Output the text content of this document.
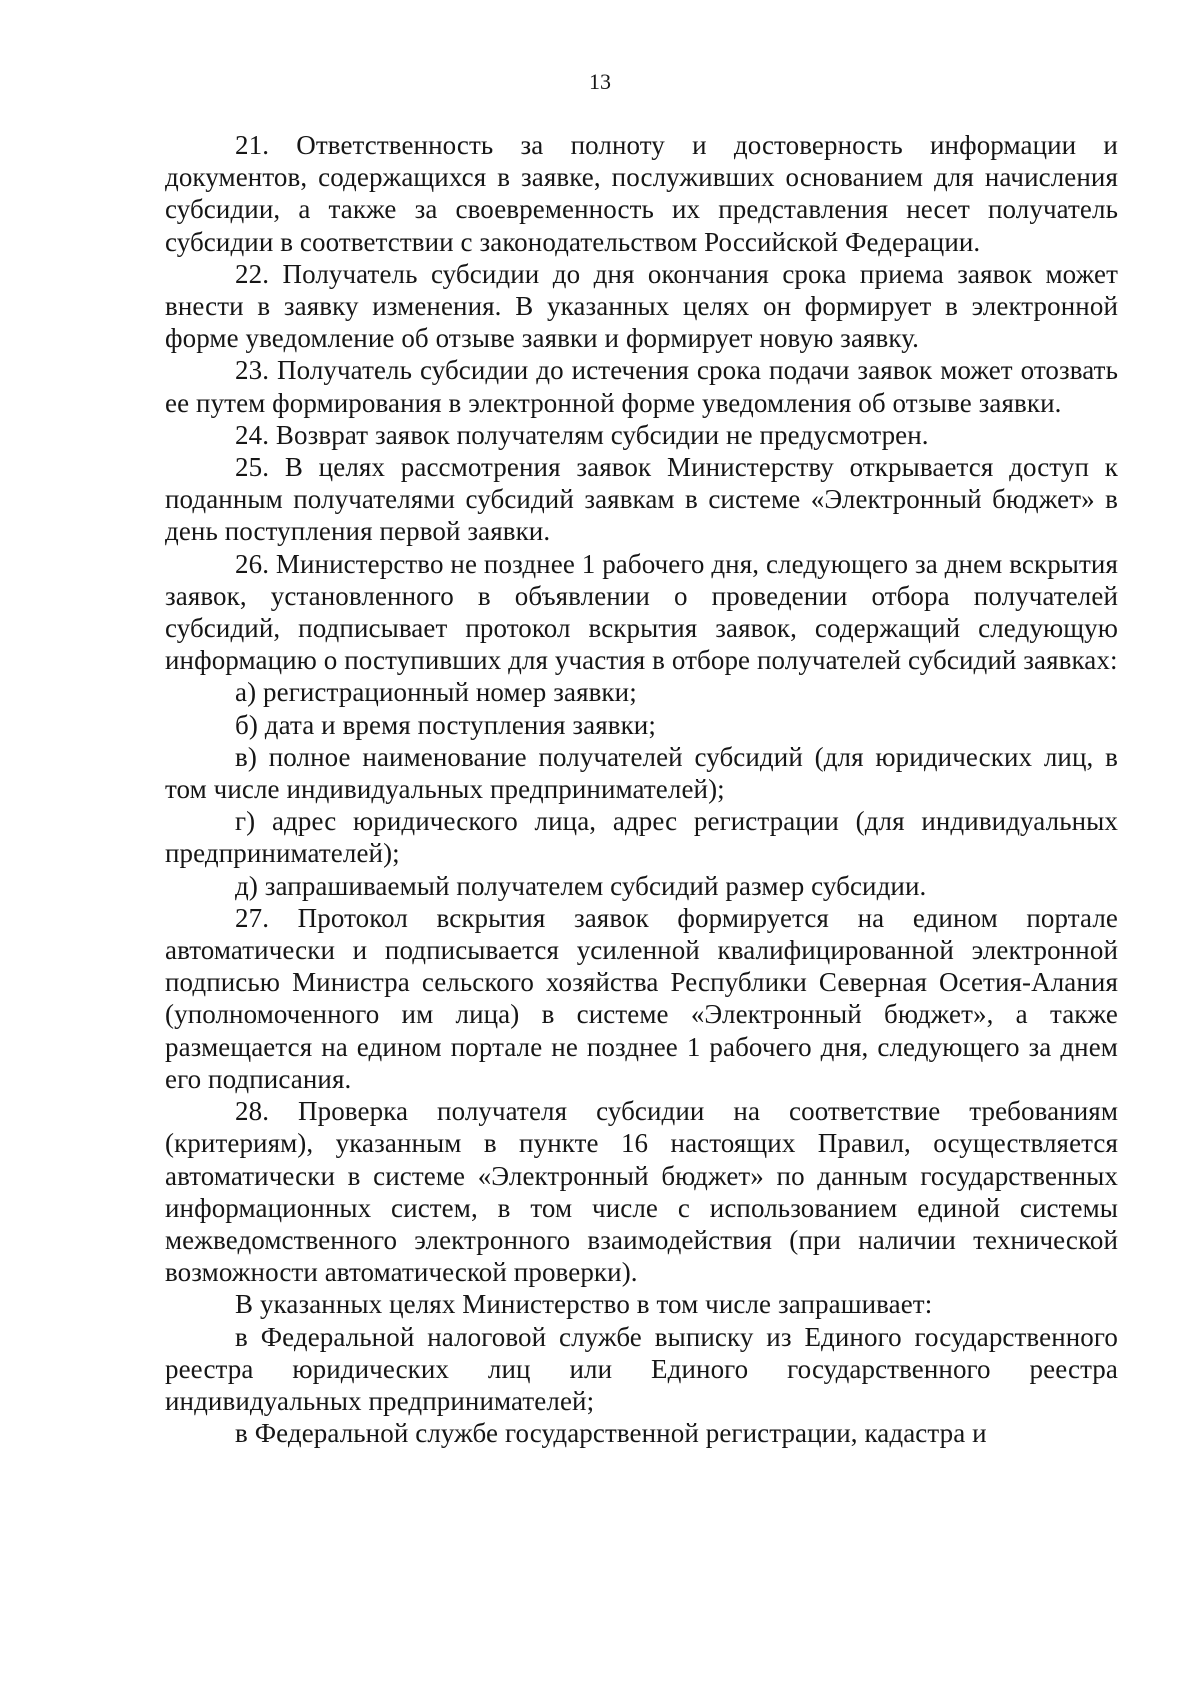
13

21. Ответственность за полноту и достоверность информации и документов, содержащихся в заявке, послуживших основанием для начисления субсидии, а также за своевременность их представления несет получатель субсидии в соответствии с законодательством Российской Федерации.

22. Получатель субсидии до дня окончания срока приема заявок может внести в заявку изменения. В указанных целях он формирует в электронной форме уведомление об отзыве заявки и формирует новую заявку.

23. Получатель субсидии до истечения срока подачи заявок может отозвать ее путем формирования в электронной форме уведомления об отзыве заявки.

24. Возврат заявок получателям субсидии не предусмотрен.

25. В целях рассмотрения заявок Министерству открывается доступ к поданным получателями субсидий заявкам в системе «Электронный бюджет» в день поступления первой заявки.

26. Министерство не позднее 1 рабочего дня, следующего за днем вскрытия заявок, установленного в объявлении о проведении отбора получателей субсидий, подписывает протокол вскрытия заявок, содержащий следующую информацию о поступивших для участия в отборе получателей субсидий заявках:

а) регистрационный номер заявки;

б) дата и время поступления заявки;

в) полное наименование получателей субсидий (для юридических лиц, в том числе индивидуальных предпринимателей);

г) адрес юридического лица, адрес регистрации (для индивидуальных предпринимателей);

д) запрашиваемый получателем субсидий размер субсидии.

27. Протокол вскрытия заявок формируется на едином портале автоматически и подписывается усиленной квалифицированной электронной подписью Министра сельского хозяйства Республики Северная Осетия-Алания (уполномоченного им лица) в системе «Электронный бюджет», а также размещается на едином портале не позднее 1 рабочего дня, следующего за днем его подписания.

28. Проверка получателя субсидии на соответствие требованиям (критериям), указанным в пункте 16 настоящих Правил, осуществляется автоматически в системе «Электронный бюджет» по данным государственных информационных систем, в том числе с использованием единой системы межведомственного электронного взаимодействия (при наличии технической возможности автоматической проверки).

В указанных целях Министерство в том числе запрашивает:

в Федеральной налоговой службе выписку из Единого государственного реестра юридических лиц или Единого государственного реестра индивидуальных предпринимателей;

в Федеральной службе государственной регистрации, кадастра и
